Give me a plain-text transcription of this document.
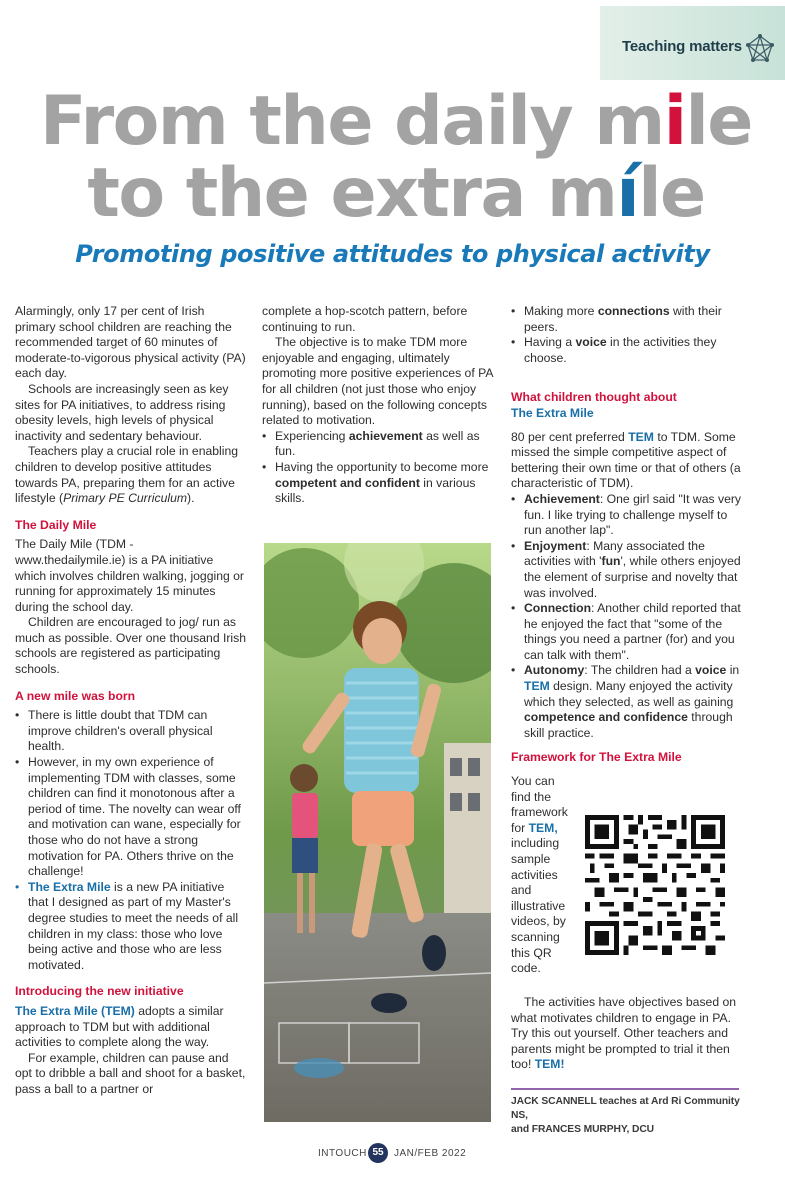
Teaching matters
From the daily mile
to the extra míle
Promoting positive attitudes to physical activity

Alarmingly, only 17 per cent of Irish primary school children are reaching the recommended target of 60 minutes of moderate-to-vigorous physical activity (PA) each day.

Schools are increasingly seen as key sites for PA initiatives, to address rising obesity levels, high levels of physical inactivity and sedentary behaviour.

Teachers play a crucial role in enabling children to develop positive attitudes towards PA, preparing them for an active lifestyle (Primary PE Curriculum).

The Daily Mile

The Daily Mile (TDM - www.thedailymile.ie) is a PA initiative which involves children walking, jogging or running for approximately 15 minutes during the school day.

Children are encouraged to jog/ run as much as possible. Over one thousand Irish schools are registered as participating schools.

A new mile was born
• There is little doubt that TDM can improve children's overall physical health.
• However, in my own experience of implementing TDM with classes, some children can find it monotonous after a period of time. The novelty can wear off and motivation can wane, especially for those who do not have a strong motivation for PA. Others thrive on the challenge!
• The Extra Mile is a new PA initiative that I designed as part of my Master's degree studies to meet the needs of all children in my class: those who love being active and those who are less motivated.
Introducing the new initiative

The Extra Mile (TEM) adopts a similar approach to TDM but with additional activities to complete along the way.

For example, children can pause and opt to dribble a ball and shoot for a basket, pass a ball to a partner or

complete a hop-scotch pattern, before continuing to run.

The objective is to make TDM more enjoyable and engaging, ultimately promoting more positive experiences of PA for all children (not just those who enjoy running), based on the following concepts related to motivation.

• Experiencing achievement as well as fun.
• Having the opportunity to become more competent and confident in various skills.
• Making more connections with their peers.
• Having a voice in the activities they choose.
What children thought about
The Extra Mile

80 per cent preferred TEM to TDM. Some missed the simple competitive aspect of bettering their own time or that of others (a characteristic of TDM).

• Achievement: One girl said "It was very fun. I like trying to challenge myself to run another lap".
• Enjoyment: Many associated the activities with 'fun', while others enjoyed the element of surprise and novelty that was involved.
• Connection: Another child reported that he enjoyed the fact that "some of the things you need a partner (for) and you can talk with them".
• Autonomy: The children had a voice in TEM design. Many enjoyed the activity which they selected, as well as gaining competence and confidence through skill practice.
Framework for The Extra Mile

You can find the framework for TEM, including sample activities and illustrative videos, by scanning this QR code.

The activities have objectives based on what motivates children to engage in PA. Try this out yourself. Other teachers and parents might be prompted to trial it then too! TEM!

JACK SCANNELL teaches at Ard Ri Community NS,
and FRANCES MURPHY, DCU
INTOUCH 55	JAN/FEB 2022
